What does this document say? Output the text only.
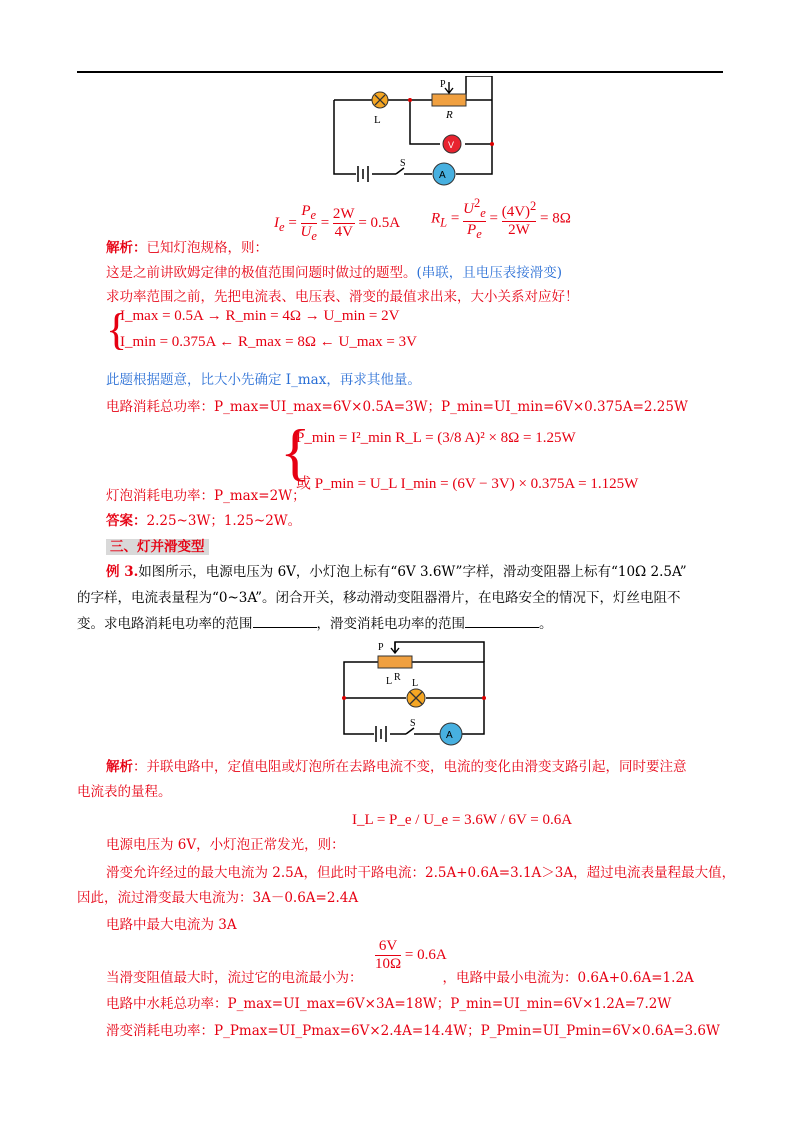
P
R
L
S
V
A
$I_e = \frac{P_e}{U_e} = \frac{2W}{4V} = 0.5A$ $R_L = \frac{U^2_e}{P_e} = \frac{(4V)^2}{2W} = 8\Omega$
解析：已知灯泡规格，则：
这是之前讲欧姆定律的极值范围问题时做过的题型。(串联，且电压表接滑变)
求功率范围之前，先把电流表、电压表、滑变的最值求出来，大小关系对应好！
{
I_max = 0.5A → R_min = 4Ω → U_min = 2V
I_min = 0.375A ← R_max = 8Ω ← U_max = 3V
此题根据题意，比大小先确定 I_max，再求其他量。
电路消耗总功率：P_max=UI_max=6V×0.5A=3W；P_min=UI_min=6V×0.375A=2.25W
{
P_min = I²_min R_L = (3/8 A)² × 8Ω = 1.25W
或 P_min = U_L I_min = (6V − 3V) × 0.375A = 1.125W
灯泡消耗电功率：P_max=2W；
答案：2.25~3W；1.25~2W。
三、灯并滑变型
例 3.如图所示，电源电压为 6V，小灯泡上标有“6V 3.6W”字样，滑动变阻器上标有“10Ω 2.5A”
的字样，电流表量程为“0~3A”。闭合开关，移动滑动变阻器滑片，在电路安全的情况下，灯丝电阻不
变。求电路消耗电功率的范围	，滑变消耗电功率的范围	。
P
R
L L
S
A
解析：并联电路中，定值电阻或灯泡所在去路电流不变，电流的变化由滑变支路引起，同时要注意
电流表的量程。
I_L = P_e / U_e = 3.6W / 6V = 0.6A
电源电压为 6V，小灯泡正常发光，则：
滑变允许经过的最大电流为 2.5A，但此时干路电流：2.5A+0.6A=3.1A＞3A，超过电流表量程最大值，
因此，流过滑变最大电流为：3A－0.6A=2.4A
电路中最大电流为 3A
$\frac{6V}{10\Omega} = 0.6A$
当滑变阻值最大时，流过它的电流最小为：	，电路中最小电流为：0.6A+0.6A=1.2A
电路中水耗总功率：P_max=UI_max=6V×3A=18W；P_min=UI_min=6V×1.2A=7.2W
滑变消耗电功率：P_Pmax=UI_Pmax=6V×2.4A=14.4W；P_Pmin=UI_Pmin=6V×0.6A=3.6W
